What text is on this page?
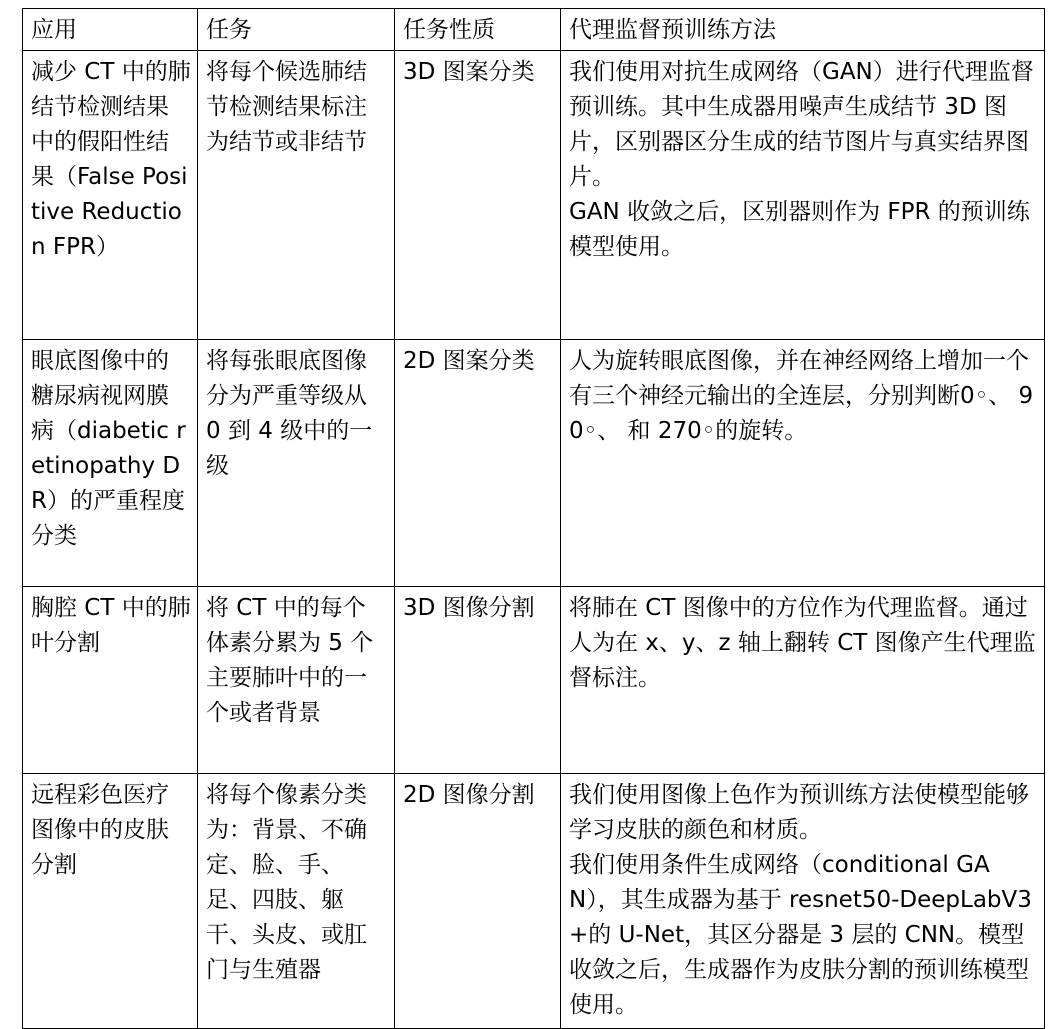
应用	任务	任务性质	代理监督预训练方法
减少 CT 中的肺结节检测结果中的假阳性结果（False Positive Reduction FPR）	将每个候选肺结节检测结果标注为结节或非结节	3D 图案分类	我们使用对抗生成网络（GAN）进行代理监督预训练。其中生成器用噪声生成结节 3D 图片，区别器区分生成的结节图片与真实结界图片。
GAN 收敛之后，区别器则作为 FPR 的预训练模型使用。

眼底图像中的糖尿病视网膜病（diabetic retinopathy DR）的严重程度分类	将每张眼底图像分为严重等级从 0 到 4 级中的一级	2D 图案分类	人为旋转眼底图像，并在神经网络上增加一个有三个神经元输出的全连层，分别判断0◦、 90◦、 和 270◦的旋转。

胸腔 CT 中的肺叶分割	将 CT 中的每个体素分累为 5 个主要肺叶中的一个或者背景	3D 图像分割	将肺在 CT 图像中的方位作为代理监督。通过人为在 x、y、z 轴上翻转 CT 图像产生代理监督标注。

远程彩色医疗图像中的皮肤分割	将每个像素分类为：背景、不确定、脸、手、足、四肢、躯干、头皮、或肛门与生殖器	2D 图像分割	我们使用图像上色作为预训练方法使模型能够学习皮肤的颜色和材质。
我们使用条件生成网络（conditional GAN），其生成器为基于 resnet50-DeepLabV3+的 U-Net，其区分器是 3 层的 CNN。模型收敛之后，生成器作为皮肤分割的预训练模型使用。
